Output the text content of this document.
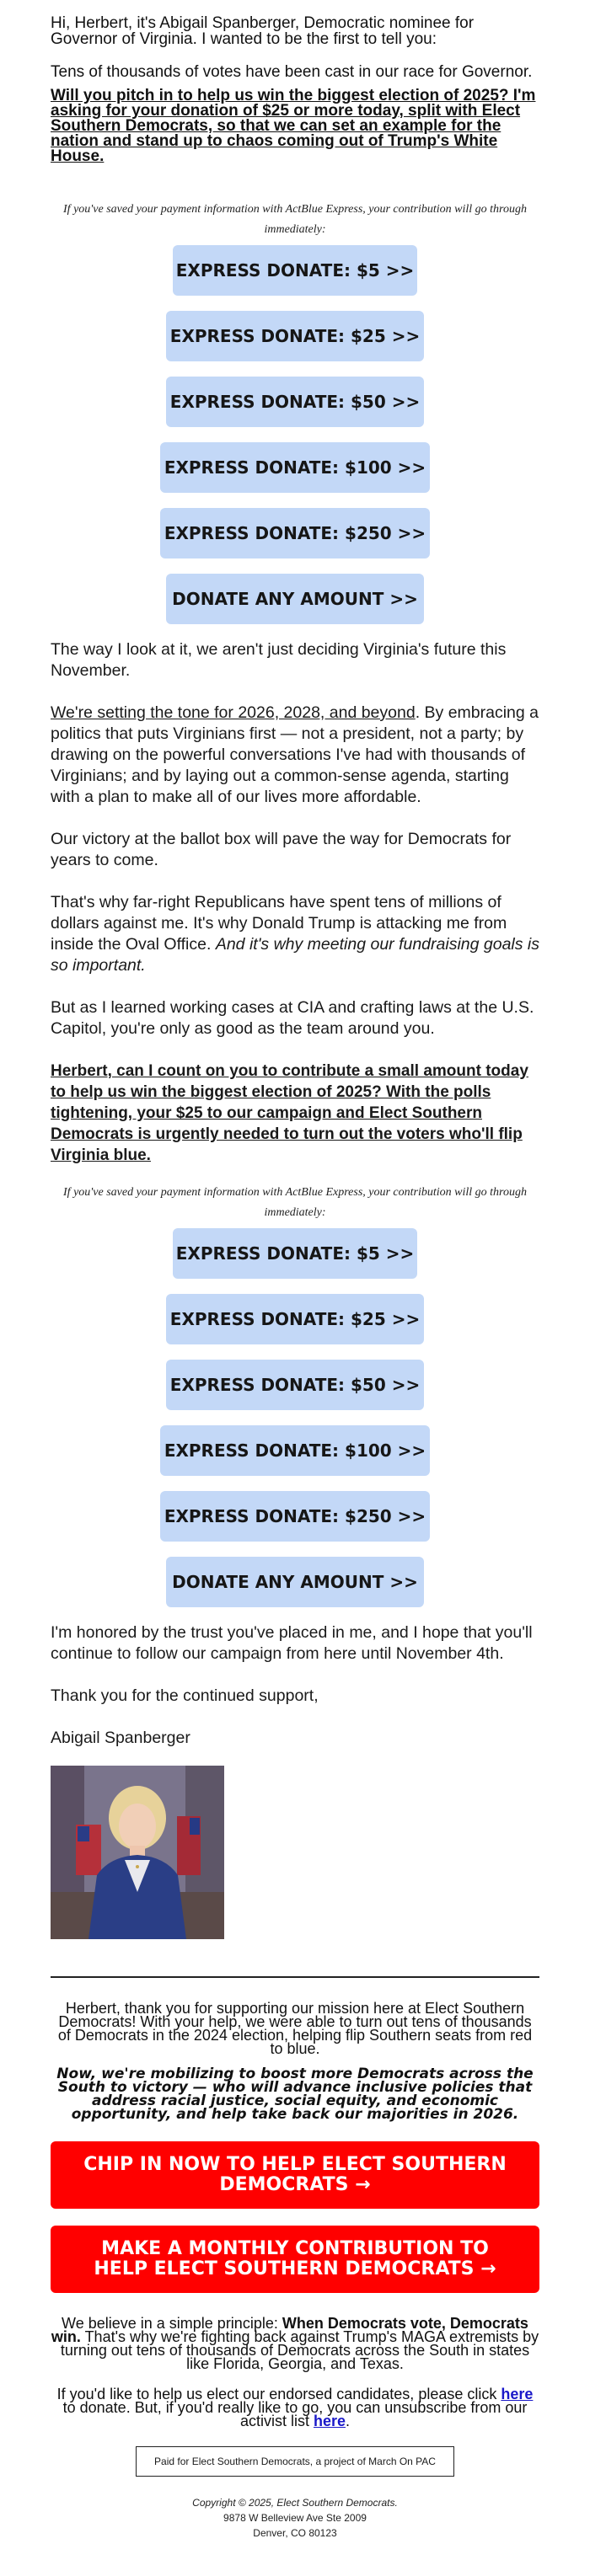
Hi, Herbert, it's Abigail Spanberger, Democratic nominee for Governor of Virginia. I wanted to be the first to tell you:

Tens of thousands of votes have been cast in our race for Governor.

Will you pitch in to help us win the biggest election of 2025? I'm asking for your donation of $25 or more today, split with Elect Southern Democrats, so that we can set an example for the nation and stand up to chaos coming out of Trump's White House.

If you've saved your payment information with ActBlue Express, your contribution will go through immediately:

EXPRESS DONATE: $5 >>
EXPRESS DONATE: $25 >>
EXPRESS DONATE: $50 >>
EXPRESS DONATE: $100 >>
EXPRESS DONATE: $250 >>
DONATE ANY AMOUNT >>

The way I look at it, we aren't just deciding Virginia's future this November.

We're setting the tone for 2026, 2028, and beyond. By embracing a politics that puts Virginians first — not a president, not a party; by drawing on the powerful conversations I've had with thousands of Virginians; and by laying out a common-sense agenda, starting with a plan to make all of our lives more affordable.

Our victory at the ballot box will pave the way for Democrats for years to come.

That's why far-right Republicans have spent tens of millions of dollars against me. It's why Donald Trump is attacking me from inside the Oval Office. And it's why meeting our fundraising goals is so important.

But as I learned working cases at CIA and crafting laws at the U.S. Capitol, you're only as good as the team around you.

Herbert, can I count on you to contribute a small amount today to help us win the biggest election of 2025? With the polls tightening, your $25 to our campaign and Elect Southern Democrats is urgently needed to turn out the voters who'll flip Virginia blue.

If you've saved your payment information with ActBlue Express, your contribution will go through immediately:

EXPRESS DONATE: $5 >>
EXPRESS DONATE: $25 >>
EXPRESS DONATE: $50 >>
EXPRESS DONATE: $100 >>
EXPRESS DONATE: $250 >>
DONATE ANY AMOUNT >>

I'm honored by the trust you've placed in me, and I hope that you'll continue to follow our campaign from here until November 4th.

Thank you for the continued support,

Abigail Spanberger

Herbert, thank you for supporting our mission here at Elect Southern Democrats! With your help, we were able to turn out tens of thousands of Democrats in the 2024 election, helping flip Southern seats from red to blue.

Now, we're mobilizing to boost more Democrats across the South to victory — who will advance inclusive policies that address racial justice, social equity, and economic opportunity, and help take back our majorities in 2026.

CHIP IN NOW TO HELP ELECT SOUTHERN DEMOCRATS →
MAKE A MONTHLY CONTRIBUTION TO HELP ELECT SOUTHERN DEMOCRATS →

We believe in a simple principle: When Democrats vote, Democrats win. That's why we're fighting back against Trump's MAGA extremists by turning out tens of thousands of Democrats across the South in states like Florida, Georgia, and Texas.

If you'd like to help us elect our endorsed candidates, please click here to donate. But, if you'd really like to go, you can unsubscribe from our activist list here.

Paid for Elect Southern Democrats, a project of March On PAC
Copyright © 2025, Elect Southern Democrats.
9878 W Belleview Ave Ste 2009
Denver, CO 80123
